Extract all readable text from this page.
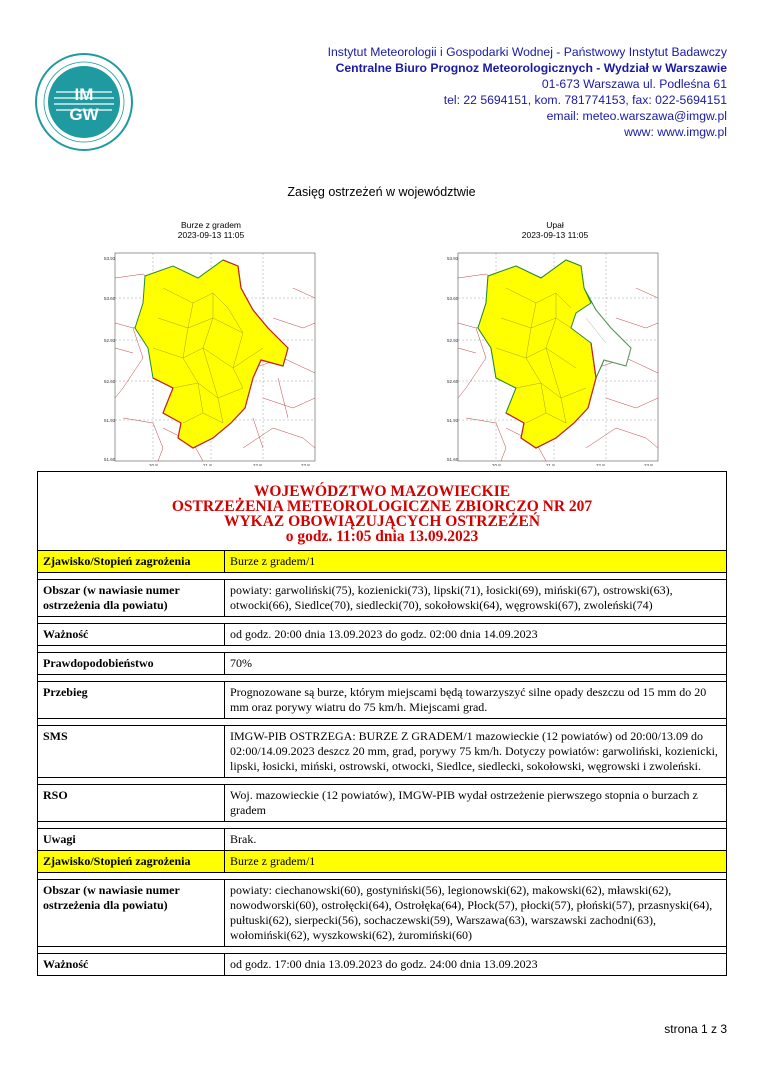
IM
GW
Instytut Meteorologii i Gospodarki Wodnej - Państwowy Instytut Badawczy
Centralne Biuro Prognoz Meteorologicznych - Wydział w Warszawie
01-673 Warszawa ul. Podleśna 61
tel: 22 5694151, kom. 781774153, fax: 022-5694151
email: meteo.warszawa@imgw.pl
www: www.imgw.pl
Zasięg ostrzeżeń w województwie
Burze z gradem
2023-09-13 11:05
Upał
2023-09-13 11:05
53.93
53.60
52.93
52.60
51.93
51.60
20.8	21.8	22.8	23.8
53.93
53.60
52.93
52.60
51.93
51.60
20.8	21.8	22.8	23.8
WOJEWÓDZTWO MAZOWIECKIE
OSTRZEŻENIA METEOROLOGICZNE ZBIORCZO NR 207
WYKAZ OBOWIĄZUJĄCYCH OSTRZEŻEŃ
o godz. 11:05 dnia 13.09.2023	

Zjawisko/Stopień zagrożenia	Burze z gradem/1

Obszar (w nawiasie numer ostrzeżenia dla powiatu)	powiaty: garwoliński(75), kozienicki(73), lipski(71), łosicki(69), miński(67), ostrowski(63), otwocki(66), Siedlce(70), siedlecki(70), sokołowski(64), węgrowski(67), zwoleński(74)

Ważność	od godz. 20:00 dnia 13.09.2023 do godz. 02:00 dnia 14.09.2023

Prawdopodobieństwo	70%

Przebieg	Prognozowane są burze, którym miejscami będą towarzyszyć silne opady deszczu od 15 mm do 20 mm oraz porywy wiatru do 75 km/h. Miejscami grad.

SMS	IMGW-PIB OSTRZEGA: BURZE Z GRADEM/1 mazowieckie (12 powiatów) od 20:00/13.09 do 02:00/14.09.2023 deszcz 20 mm, grad, porywy 75 km/h. Dotyczy powiatów: garwoliński, kozienicki, lipski, łosicki, miński, ostrowski, otwocki, Siedlce, siedlecki, sokołowski, węgrowski i zwoleński.

RSO	Woj. mazowieckie (12 powiatów), IMGW-PIB wydał ostrzeżenie pierwszego stopnia o burzach z gradem

Uwagi	Brak.
Zjawisko/Stopień zagrożenia	Burze z gradem/1

Obszar (w nawiasie numer ostrzeżenia dla powiatu)	powiaty: ciechanowski(60), gostyniński(56), legionowski(62), makowski(62), mławski(62), nowodworski(60), ostrołęcki(64), Ostrołęka(64), Płock(57), płocki(57), płoński(57), przasnyski(64), pułtuski(62), sierpecki(56), sochaczewski(59), Warszawa(63), warszawski zachodni(63), wołomiński(62), wyszkowski(62), żuromiński(60)

Ważność	od godz. 17:00 dnia 13.09.2023 do godz. 24:00 dnia 13.09.2023
strona 1 z 3
